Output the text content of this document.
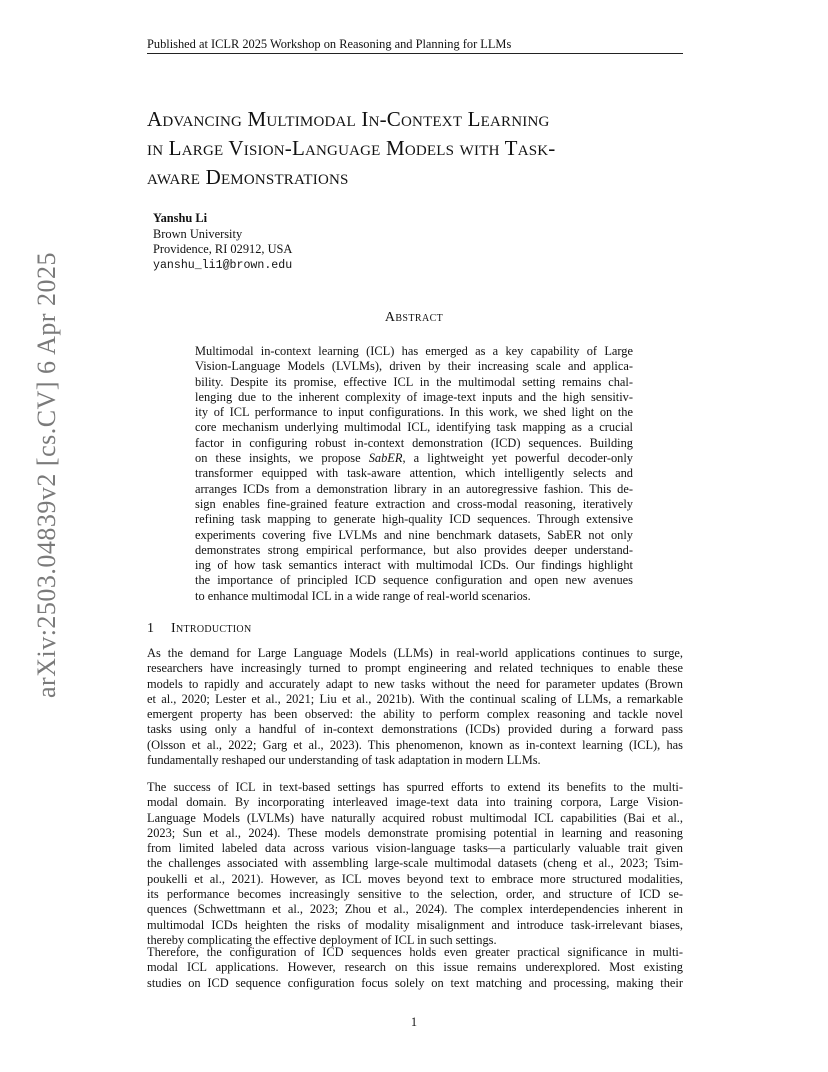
Published at ICLR 2025 Workshop on Reasoning and Planning for LLMs
arXiv:2503.04839v2 [cs.CV] 6 Apr 2025
Advancing Multimodal In-Context Learning
in Large Vision-Language Models with Task-
aware Demonstrations
Yanshu Li
Brown University
Providence, RI 02912, USA
yanshu_li1@brown.edu
Abstract
Multimodal in-context learning (ICL) has emerged as a key capability of Large
Vision-Language Models (LVLMs), driven by their increasing scale and applica-
bility. Despite its promise, effective ICL in the multimodal setting remains chal-
lenging due to the inherent complexity of image-text inputs and the high sensitiv-
ity of ICL performance to input configurations. In this work, we shed light on the
core mechanism underlying multimodal ICL, identifying task mapping as a crucial
factor in configuring robust in-context demonstration (ICD) sequences. Building
on these insights, we propose SabER, a lightweight yet powerful decoder-only
transformer equipped with task-aware attention, which intelligently selects and
arranges ICDs from a demonstration library in an autoregressive fashion. This de-
sign enables fine-grained feature extraction and cross-modal reasoning, iteratively
refining task mapping to generate high-quality ICD sequences. Through extensive
experiments covering five LVLMs and nine benchmark datasets, SabER not only
demonstrates strong empirical performance, but also provides deeper understand-
ing of how task semantics interact with multimodal ICDs. Our findings highlight
the importance of principled ICD sequence configuration and open new avenues
to enhance multimodal ICL in a wide range of real-world scenarios.
1 Introduction
As the demand for Large Language Models (LLMs) in real-world applications continues to surge,
researchers have increasingly turned to prompt engineering and related techniques to enable these
models to rapidly and accurately adapt to new tasks without the need for parameter updates (Brown
et al., 2020; Lester et al., 2021; Liu et al., 2021b). With the continual scaling of LLMs, a remarkable
emergent property has been observed: the ability to perform complex reasoning and tackle novel
tasks using only a handful of in-context demonstrations (ICDs) provided during a forward pass
(Olsson et al., 2022; Garg et al., 2023). This phenomenon, known as in-context learning (ICL), has
fundamentally reshaped our understanding of task adaptation in modern LLMs.
The success of ICL in text-based settings has spurred efforts to extend its benefits to the multi-
modal domain. By incorporating interleaved image-text data into training corpora, Large Vision-
Language Models (LVLMs) have naturally acquired robust multimodal ICL capabilities (Bai et al.,
2023; Sun et al., 2024). These models demonstrate promising potential in learning and reasoning
from limited labeled data across various vision-language tasks—a particularly valuable trait given
the challenges associated with assembling large-scale multimodal datasets (cheng et al., 2023; Tsim-
poukelli et al., 2021). However, as ICL moves beyond text to embrace more structured modalities,
its performance becomes increasingly sensitive to the selection, order, and structure of ICD se-
quences (Schwettmann et al., 2023; Zhou et al., 2024). The complex interdependencies inherent in
multimodal ICDs heighten the risks of modality misalignment and introduce task-irrelevant biases,
thereby complicating the effective deployment of ICL in such settings.
Therefore, the configuration of ICD sequences holds even greater practical significance in multi-
modal ICL applications. However, research on this issue remains underexplored. Most existing
studies on ICD sequence configuration focus solely on text matching and processing, making their
1
